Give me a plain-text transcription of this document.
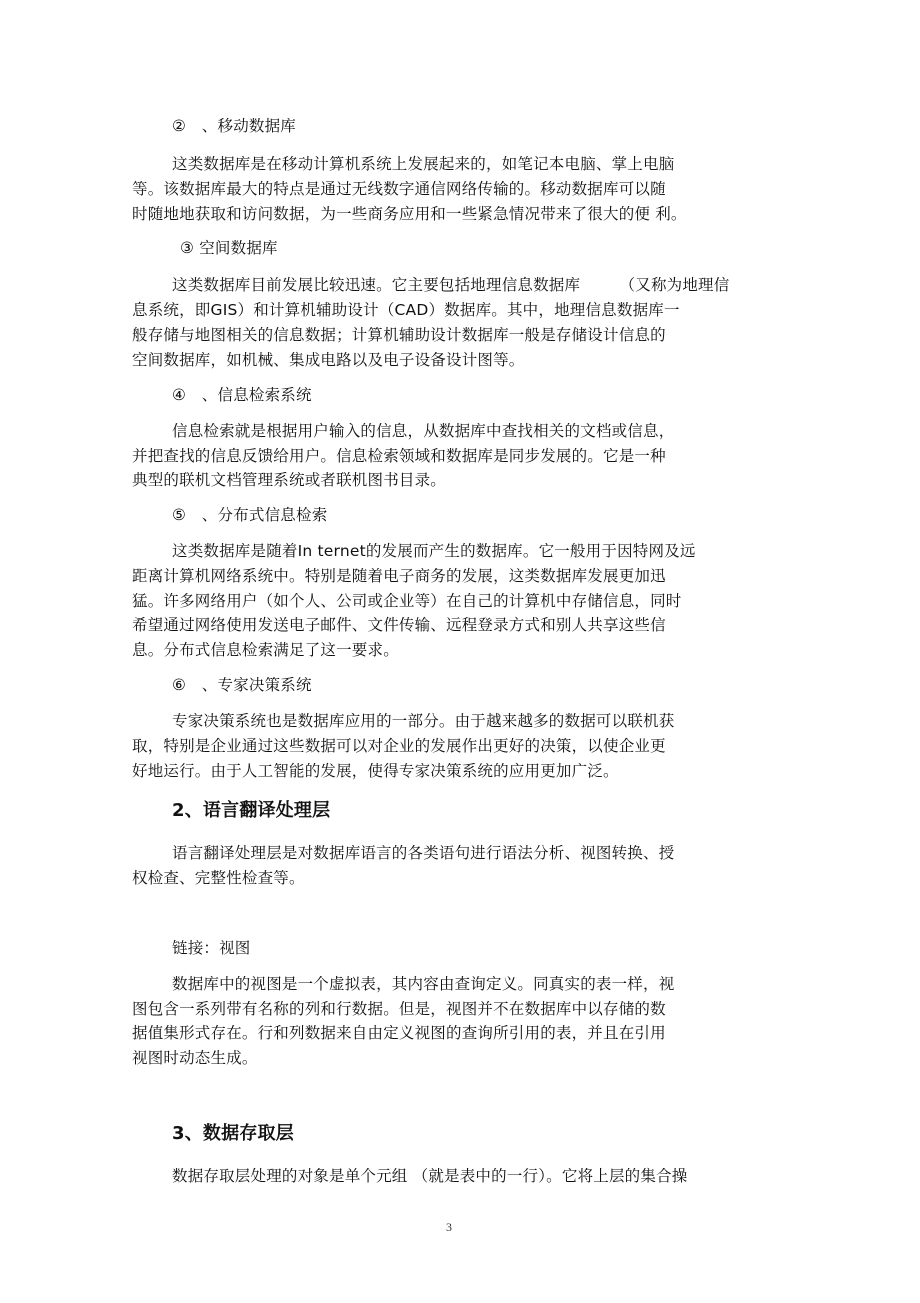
②　、移动数据库
这类数据库是在移动计算机系统上发展起来的，如笔记本电脑、掌上电脑
等。该数据库最大的特点是通过无线数字通信网络传输的。移动数据库可以随
时随地地获取和访问数据，为一些商务应用和一些紧急情况带来了很大的便 利。
③ 空间数据库
这类数据库目前发展比较迅速。它主要包括地理信息数据库　　　（又称为地理信
息系统，即GIS）和计算机辅助设计（CAD）数据库。其中，地理信息数据库一
般存储与地图相关的信息数据；计算机辅助设计数据库一般是存储设计信息的
空间数据库，如机械、集成电路以及电子设备设计图等。
④　、信息检索系统
信息检索就是根据用户输入的信息，从数据库中查找相关的文档或信息，
并把查找的信息反馈给用户。信息检索领域和数据库是同步发展的。它是一种
典型的联机文档管理系统或者联机图书目录。
⑤　、分布式信息检索
这类数据库是随着In ternet的发展而产生的数据库。它一般用于因特网及远
距离计算机网络系统中。特别是随着电子商务的发展，这类数据库发展更加迅
猛。许多网络用户（如个人、公司或企业等）在自己的计算机中存储信息，同时
希望通过网络使用发送电子邮件、文件传输、远程登录方式和别人共享这些信
息。分布式信息检索满足了这一要求。
⑥　、专家决策系统
专家决策系统也是数据库应用的一部分。由于越来越多的数据可以联机获
取，特别是企业通过这些数据可以对企业的发展作出更好的决策，以使企业更
好地运行。由于人工智能的发展，使得专家决策系统的应用更加广泛。
2、语言翻译处理层
语言翻译处理层是对数据库语言的各类语句进行语法分析、视图转换、授
权检查、完整性检查等。
链接：视图
数据库中的视图是一个虚拟表，其内容由查询定义。同真实的表一样，视
图包含一系列带有名称的列和行数据。但是，视图并不在数据库中以存储的数
据值集形式存在。行和列数据来自由定义视图的查询所引用的表，并且在引用
视图时动态生成。
3、数据存取层
数据存取层处理的对象是单个元组 （就是表中的一行）。它将上层的集合操
3
